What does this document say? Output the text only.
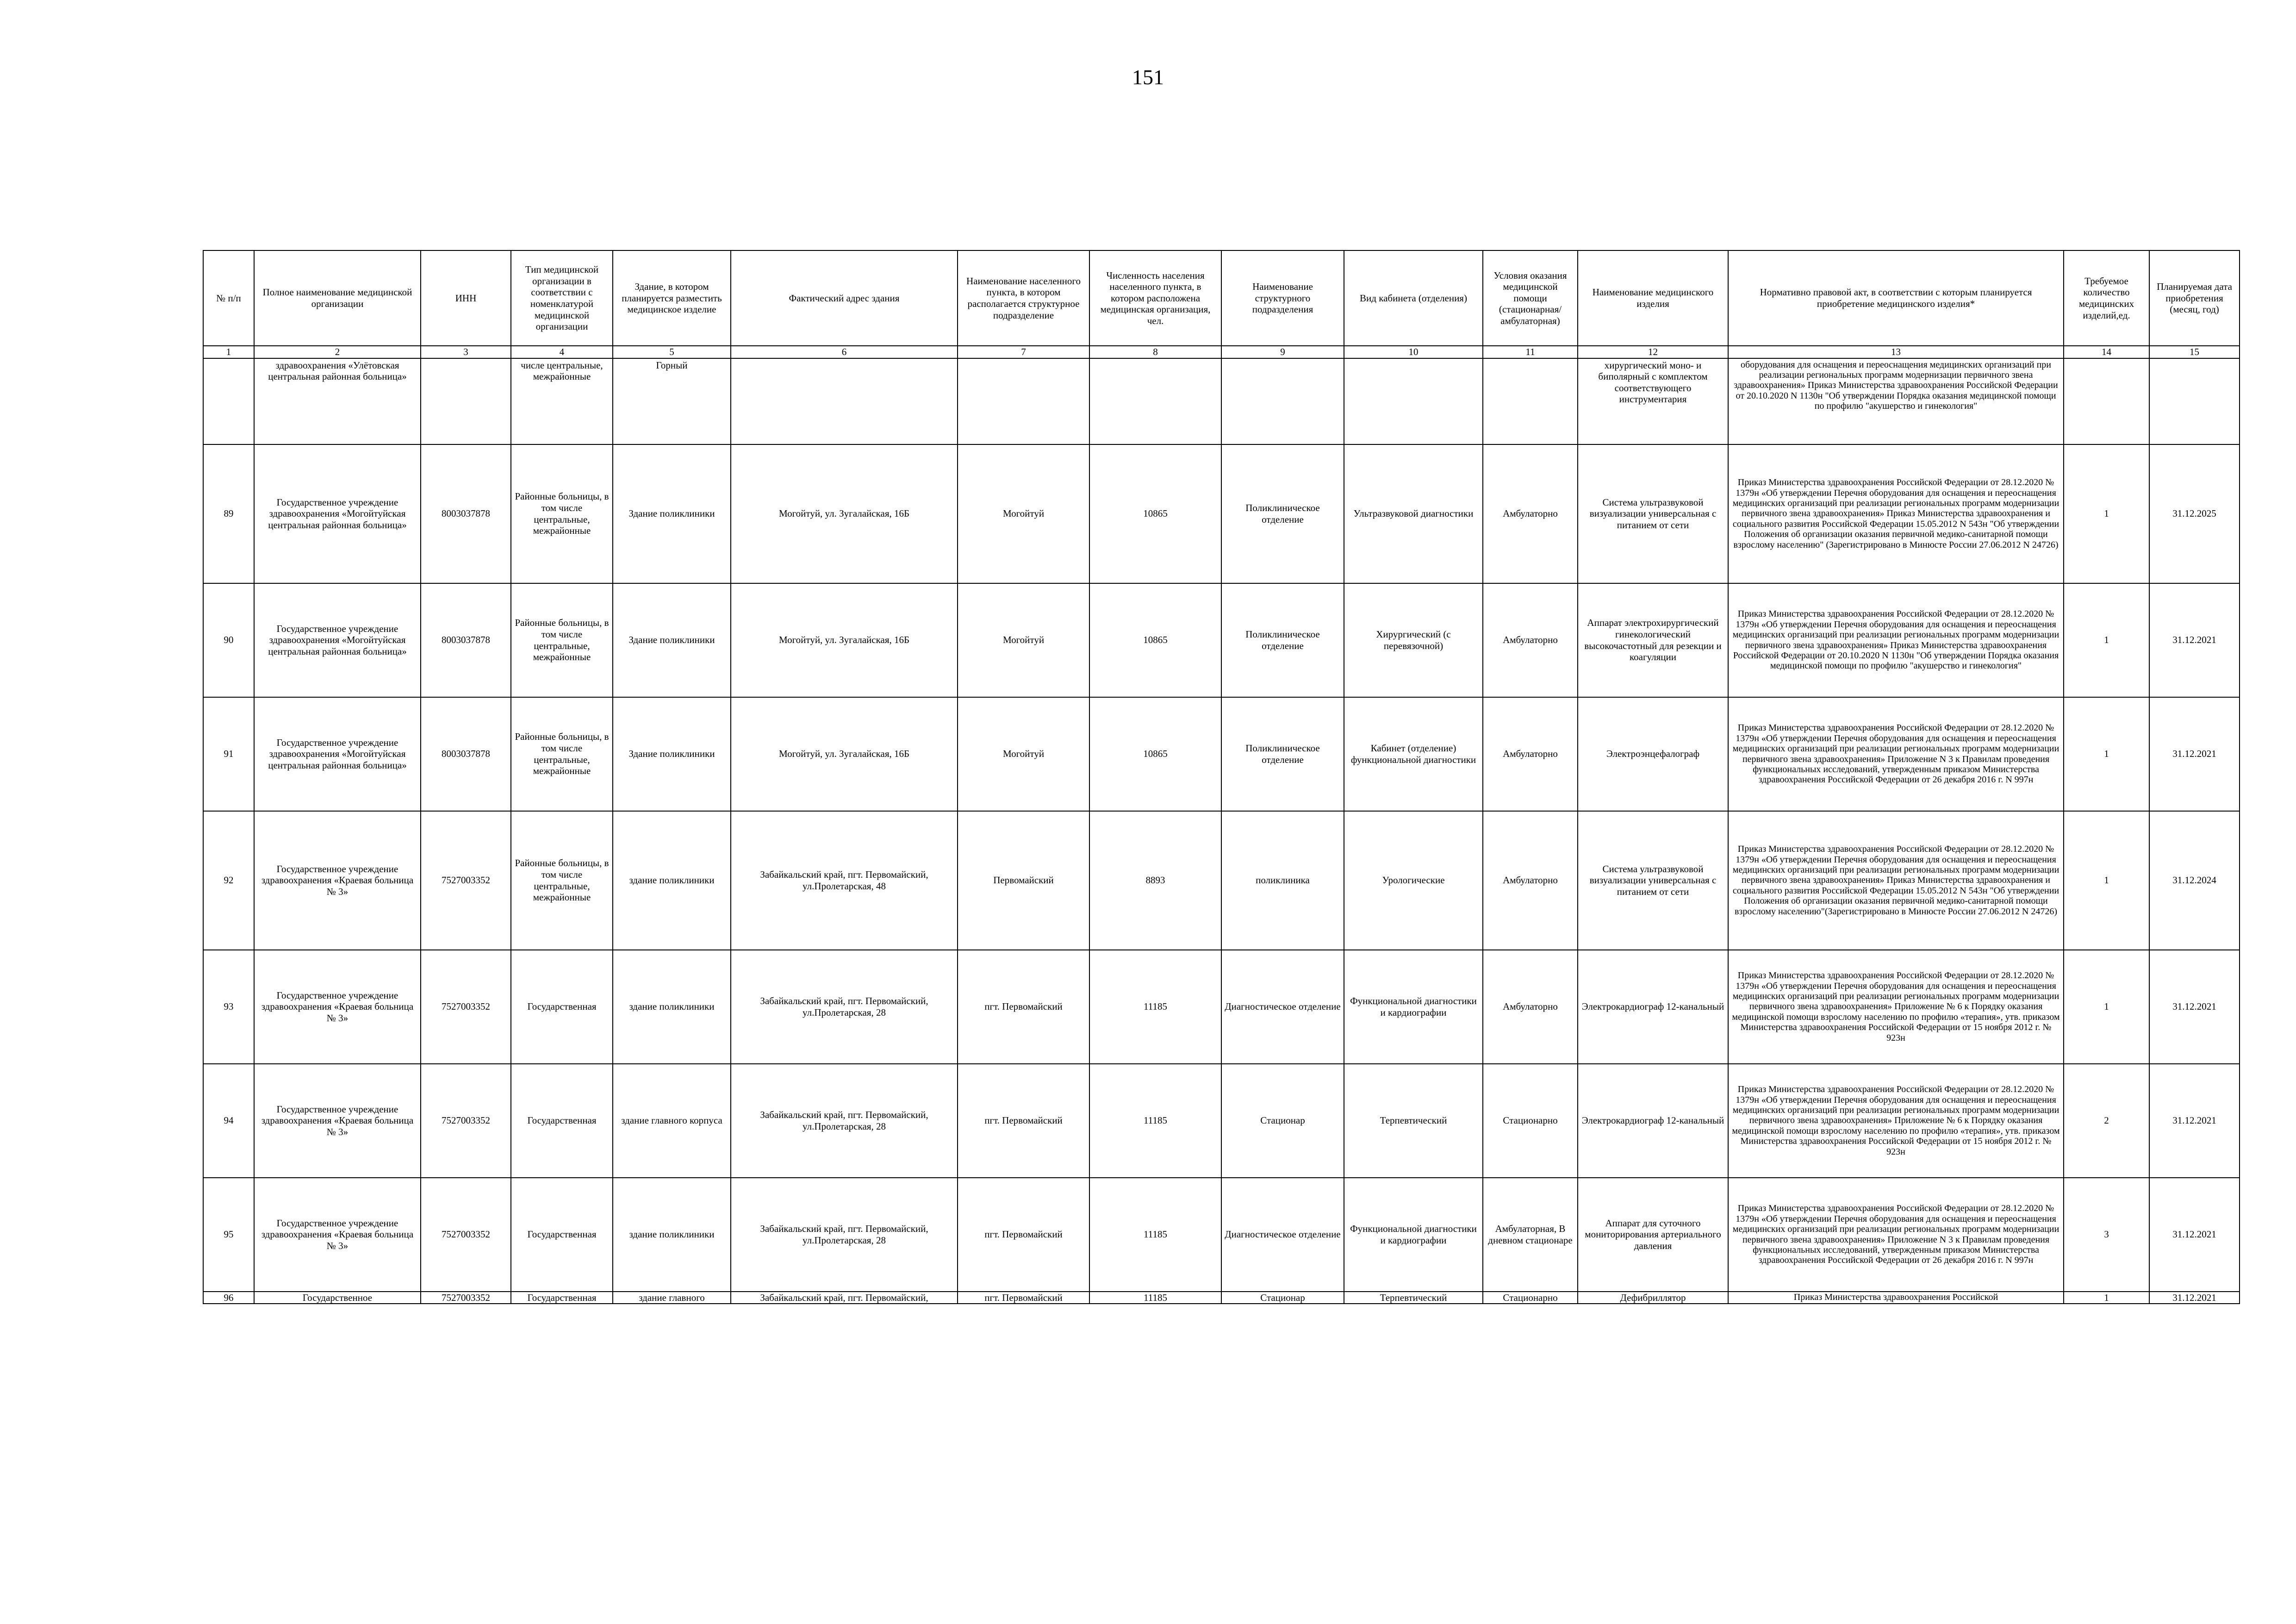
151
№ п/п	Полное наименование медицинской организации	ИНН	Тип медицинской организации в соответствии с номенклатурой медицинской организации	Здание, в котором планируется разместить медицинское изделие	Фактический адрес здания	Наименование населенного пункта, в котором располагается структурное подразделение	Численность населения населенного пункта, в котором расположена медицинская организация, чел.	Наименование структурного подразделения	Вид кабинета (отделения)	Условия оказания медицинской помощи (стационарная/ амбулаторная)	Наименование медицинского изделия	Нормативно правовой акт, в соответствии с которым планируется приобретение медицинского изделия*	Требуемое количество медицинских изделий,ед.	Планируемая дата приобретения (месяц, год)
1	2	3	4	5	6	7	8	9	10	11	12	13	14	15
	здравоохранения «Улётовская центральная районная больница»		числе центральные, межрайонные	Горный							хирургический моно- и биполярный с комплектом соответствующего инструментария	оборудования для оснащения и переоснащения медицинских организаций при реализации региональных программ модернизации первичного звена здравоохранения» Приказ Министерства здравоохранения Российской Федерации от 20.10.2020 N 1130н "Об утверждении Порядка оказания медицинской помощи по профилю "акушерство и гинекология"		
89	Государственное учреждение здравоохранения «Могойтуйская центральная районная больница»	8003037878	Районные больницы, в том числе центральные, межрайонные	Здание поликлиники	Могойтуй, ул. Зугалайская, 16Б	Могойтуй	10865	Поликлиническое отделение	Ультразвуковой диагностики	Амбулаторно	Система ультразвуковой визуализации универсальная с питанием от сети	Приказ Министерства здравоохранения Российской Федерации от 28.12.2020 № 1379н «Об утверждении Перечня оборудования для оснащения и переоснащения медицинских организаций при реализации региональных программ модернизации первичного звена здравоохранения» Приказ Министерства здравоохранения и социального развития Российской Федерации 15.05.2012 N 543н "Об утверждении Положения об организации оказания первичной медико-санитарной помощи взрослому населению" (Зарегистрировано в Минюсте России 27.06.2012 N 24726)	1	31.12.2025
90	Государственное учреждение здравоохранения «Могойтуйская центральная районная больница»	8003037878	Районные больницы, в том числе центральные, межрайонные	Здание поликлиники	Могойтуй, ул. Зугалайская, 16Б	Могойтуй	10865	Поликлиническое отделение	Хирургический (с перевязочной)	Амбулаторно	Аппарат электрохирургический гинекологический высокочастотный для резекции и коагуляции	Приказ Министерства здравоохранения Российской Федерации от 28.12.2020 № 1379н «Об утверждении Перечня оборудования для оснащения и переоснащения медицинских организаций при реализации региональных программ модернизации первичного звена здравоохранения» Приказ Министерства здравоохранения Российской Федерации от 20.10.2020 N 1130н "Об утверждении Порядка оказания медицинской помощи по профилю "акушерство и гинекология"	1	31.12.2021
91	Государственное учреждение здравоохранения «Могойтуйская центральная районная больница»	8003037878	Районные больницы, в том числе центральные, межрайонные	Здание поликлиники	Могойтуй, ул. Зугалайская, 16Б	Могойтуй	10865	Поликлиническое отделение	Кабинет (отделение) функциональной диагностики	Амбулаторно	Электроэнцефалограф	Приказ Министерства здравоохранения Российской Федерации от 28.12.2020 № 1379н «Об утверждении Перечня оборудования для оснащения и переоснащения медицинских организаций при реализации региональных программ модернизации первичного звена здравоохранения» Приложение N 3 к Правилам проведения функциональных исследований, утвержденным приказом Министерства здравоохранения Российской Федерации от 26 декабря 2016 г. N 997н	1	31.12.2021
92	Государственное учреждение здравоохранения «Краевая больница № 3»	7527003352	Районные больницы, в том числе центральные, межрайонные	здание поликлиники	Забайкальский край, пгт. Первомайский, ул.Пролетарская, 48	Первомайский	8893	поликлиника	Урологические	Амбулаторно	Система ультразвуковой визуализации универсальная с питанием от сети	Приказ Министерства здравоохранения Российской Федерации от 28.12.2020 № 1379н «Об утверждении Перечня оборудования для оснащения и переоснащения медицинских организаций при реализации региональных программ модернизации первичного звена здравоохранения» Приказ Министерства здравоохранения и социального развития Российской Федерации 15.05.2012 N 543н "Об утверждении Положения об организации оказания первичной медико-санитарной помощи взрослому населению"(Зарегистрировано в Минюсте России 27.06.2012 N 24726)	1	31.12.2024
93	Государственное учреждение здравоохранения «Краевая больница № 3»	7527003352	Государственная	здание поликлиники	Забайкальский край, пгт. Первомайский, ул.Пролетарская, 28	пгт. Первомайский	11185	Диагностическое отделение	Функциональной диагностики и кардиографии	Амбулаторно	Электрокардиограф 12-канальный	Приказ Министерства здравоохранения Российской Федерации от 28.12.2020 № 1379н «Об утверждении Перечня оборудования для оснащения и переоснащения медицинских организаций при реализации региональных программ модернизации первичного звена здравоохранения» Приложение № 6 к Порядку оказания медицинской помощи взрослому населению по профилю «терапия», утв. приказом Министерства здравоохранения Российской Федерации от 15 ноября 2012 г. № 923н	1	31.12.2021
94	Государственное учреждение здравоохранения «Краевая больница № 3»	7527003352	Государственная	здание главного корпуса	Забайкальский край, пгт. Первомайский, ул.Пролетарская, 28	пгт. Первомайский	11185	Стационар	Терпевтический	Стационарно	Электрокардиограф 12-канальный	Приказ Министерства здравоохранения Российской Федерации от 28.12.2020 № 1379н «Об утверждении Перечня оборудования для оснащения и переоснащения медицинских организаций при реализации региональных программ модернизации первичного звена здравоохранения» Приложение № 6 к Порядку оказания медицинской помощи взрослому населению по профилю «терапия», утв. приказом Министерства здравоохранения Российской Федерации от 15 ноября 2012 г. № 923н	2	31.12.2021
95	Государственное учреждение здравоохранения «Краевая больница № 3»	7527003352	Государственная	здание поликлиники	Забайкальский край, пгт. Первомайский, ул.Пролетарская, 28	пгт. Первомайский	11185	Диагностическое отделение	Функциональной диагностики и кардиографии	Амбулаторная, В дневном стационаре	Аппарат для суточного мониторирования артериального давления	Приказ Министерства здравоохранения Российской Федерации от 28.12.2020 № 1379н «Об утверждении Перечня оборудования для оснащения и переоснащения медицинских организаций при реализации региональных программ модернизации первичного звена здравоохранения» Приложение N 3 к Правилам проведения функциональных исследований, утвержденным приказом Министерства здравоохранения Российской Федерации от 26 декабря 2016 г. N 997н	3	31.12.2021
96	Государственное	7527003352	Государственная	здание главного	Забайкальский край, пгт. Первомайский,	пгт. Первомайский	11185	Стационар	Терпевтический	Стационарно	Дефибриллятор	Приказ Министерства здравоохранения Российской	1	31.12.2021
